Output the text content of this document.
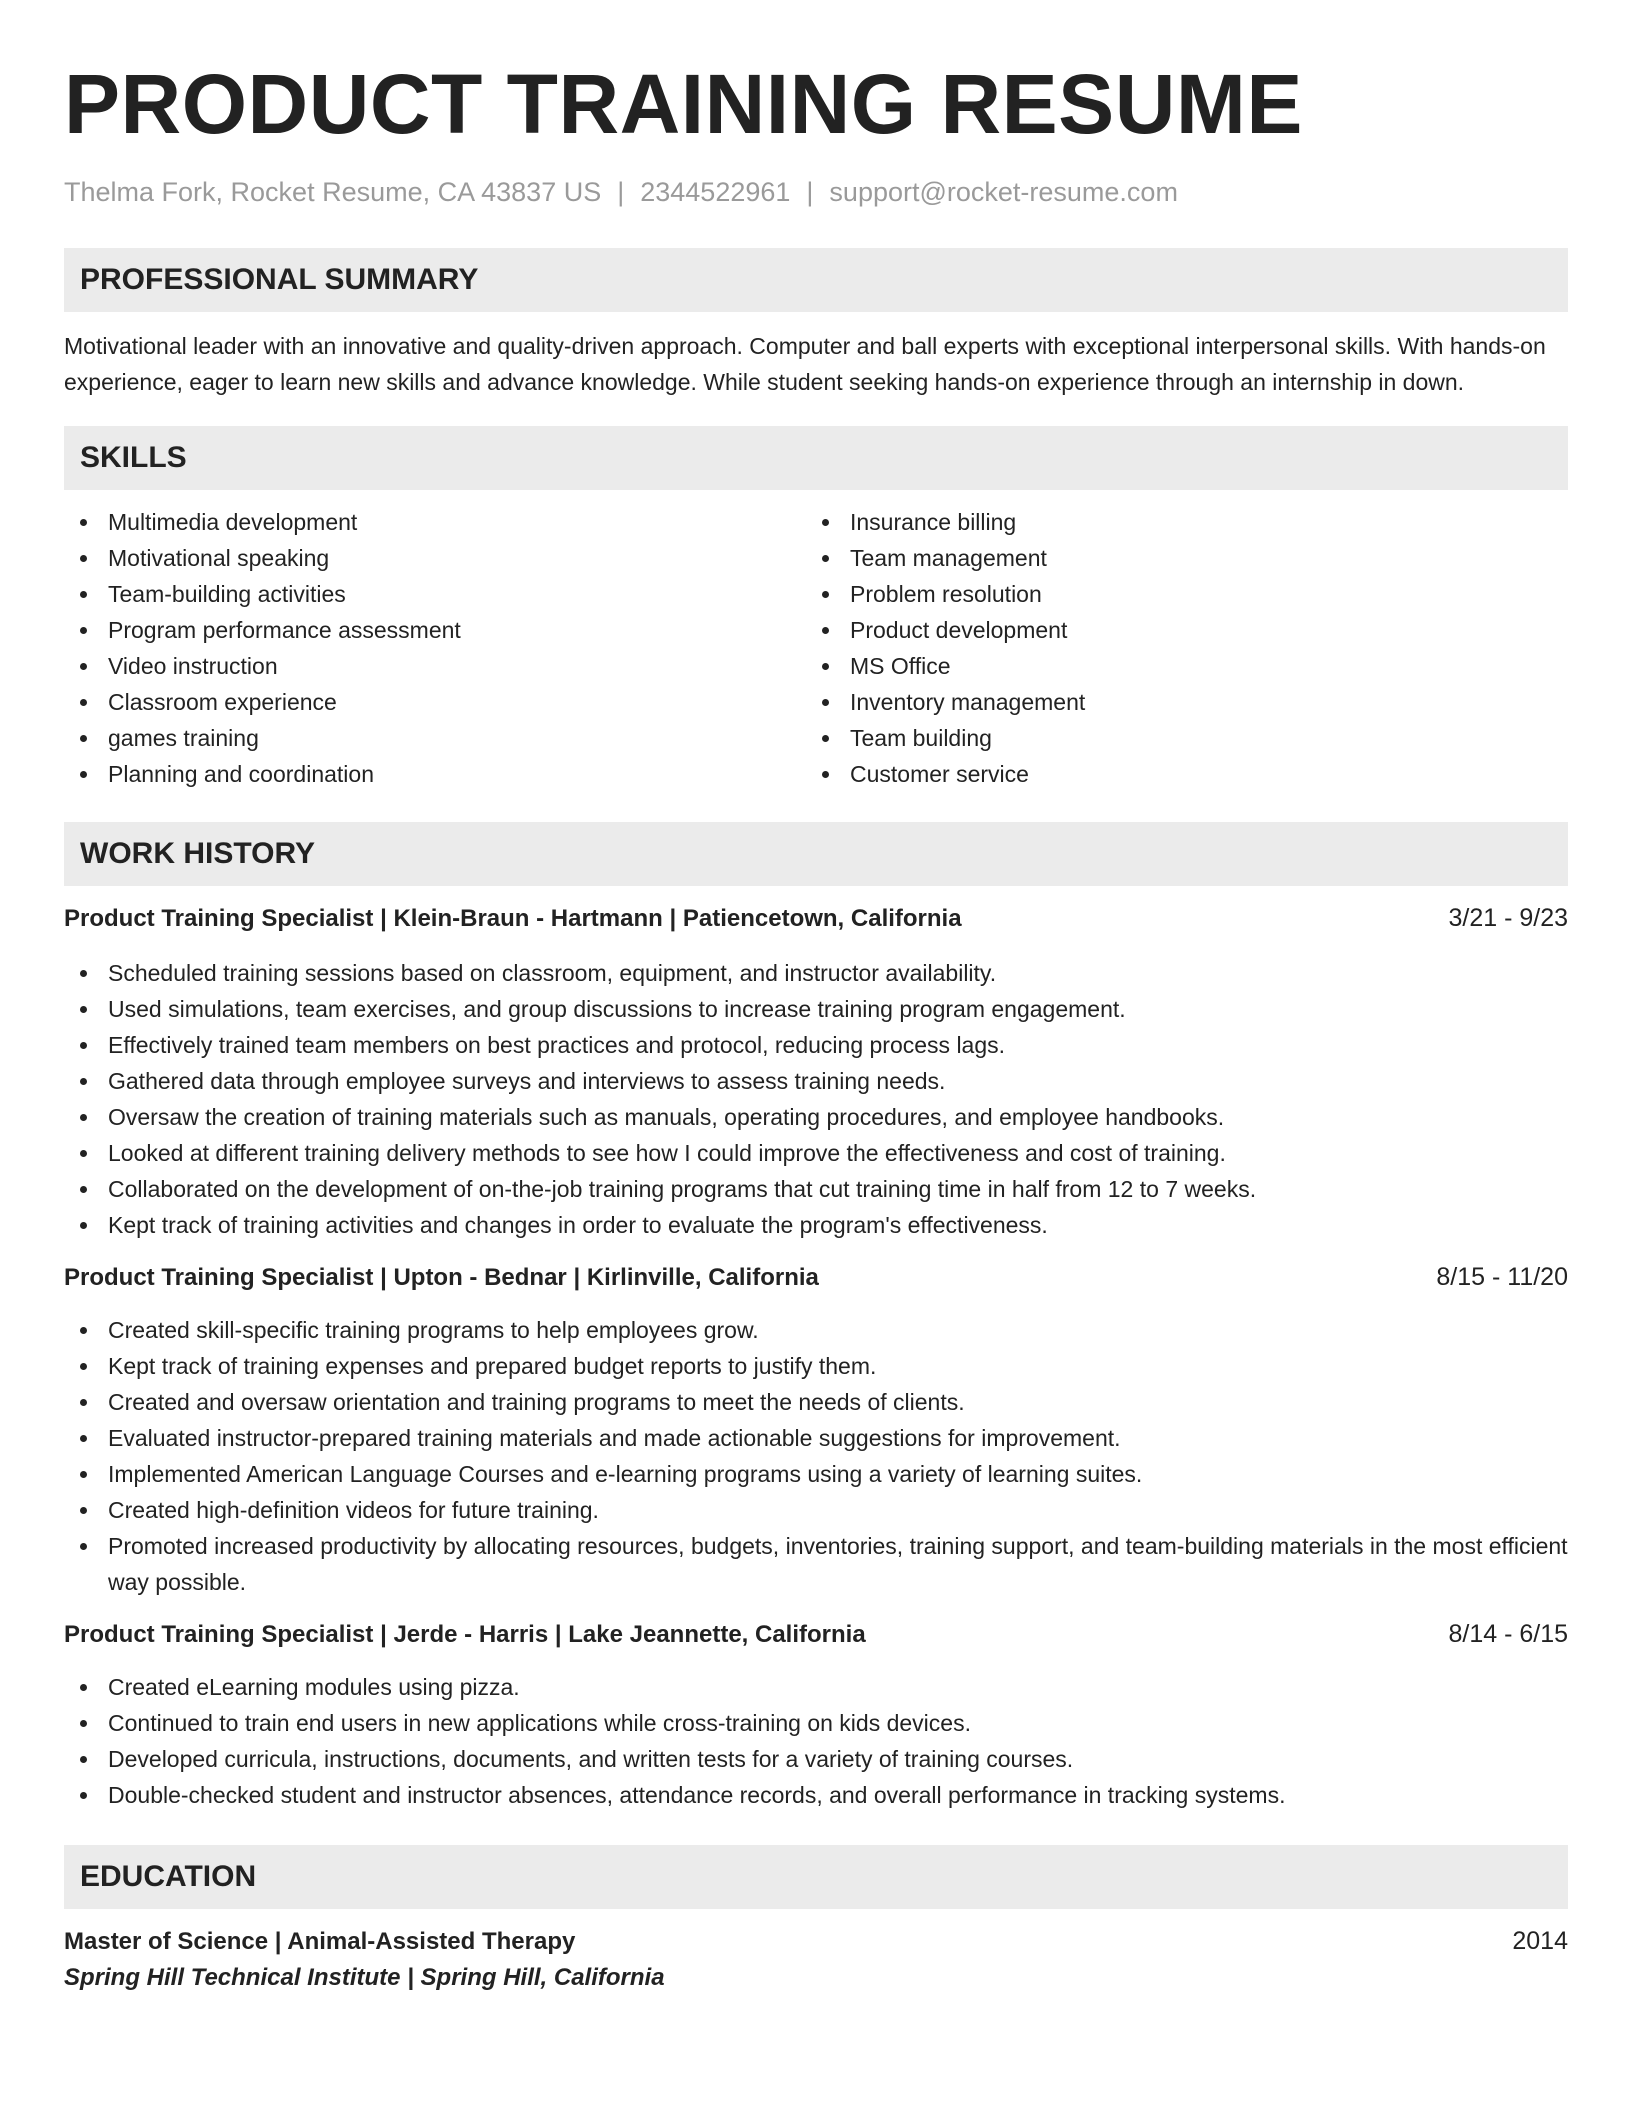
PRODUCT TRAINING RESUME
Thelma Fork, Rocket Resume, CA 43837 US | 2344522961 | support@rocket-resume.com
PROFESSIONAL SUMMARY

Motivational leader with an innovative and quality-driven approach. Computer and ball experts with exceptional interpersonal skills. With hands-on experience, eager to learn new skills and advance knowledge. While student seeking hands-on experience through an internship in down.

SKILLS
Multimedia development
Motivational speaking
Team-building activities
Program performance assessment
Video instruction
Classroom experience
games training
Planning and coordination
Insurance billing
Team management
Problem resolution
Product development
MS Office
Inventory management
Team building
Customer service
WORK HISTORY
Product Training Specialist | Klein-Braun - Hartmann | Patiencetown, California	3/21 - 9/23
Scheduled training sessions based on classroom, equipment, and instructor availability.
Used simulations, team exercises, and group discussions to increase training program engagement.
Effectively trained team members on best practices and protocol, reducing process lags.
Gathered data through employee surveys and interviews to assess training needs.
Oversaw the creation of training materials such as manuals, operating procedures, and employee handbooks.
Looked at different training delivery methods to see how I could improve the effectiveness and cost of training.
Collaborated on the development of on-the-job training programs that cut training time in half from 12 to 7 weeks.
Kept track of training activities and changes in order to evaluate the program's effectiveness.
Product Training Specialist | Upton - Bednar | Kirlinville, California	8/15 - 11/20
Created skill-specific training programs to help employees grow.
Kept track of training expenses and prepared budget reports to justify them.
Created and oversaw orientation and training programs to meet the needs of clients.
Evaluated instructor-prepared training materials and made actionable suggestions for improvement.
Implemented American Language Courses and e-learning programs using a variety of learning suites.
Created high-definition videos for future training.
Promoted increased productivity by allocating resources, budgets, inventories, training support, and team-building materials in the most efficient way possible.
Product Training Specialist | Jerde - Harris | Lake Jeannette, California	8/14 - 6/15
Created eLearning modules using pizza.
Continued to train end users in new applications while cross-training on kids devices.
Developed curricula, instructions, documents, and written tests for a variety of training courses.
Double-checked student and instructor absences, attendance records, and overall performance in tracking systems.
EDUCATION
Master of Science | Animal-Assisted Therapy	2014
Spring Hill Technical Institute | Spring Hill, California
